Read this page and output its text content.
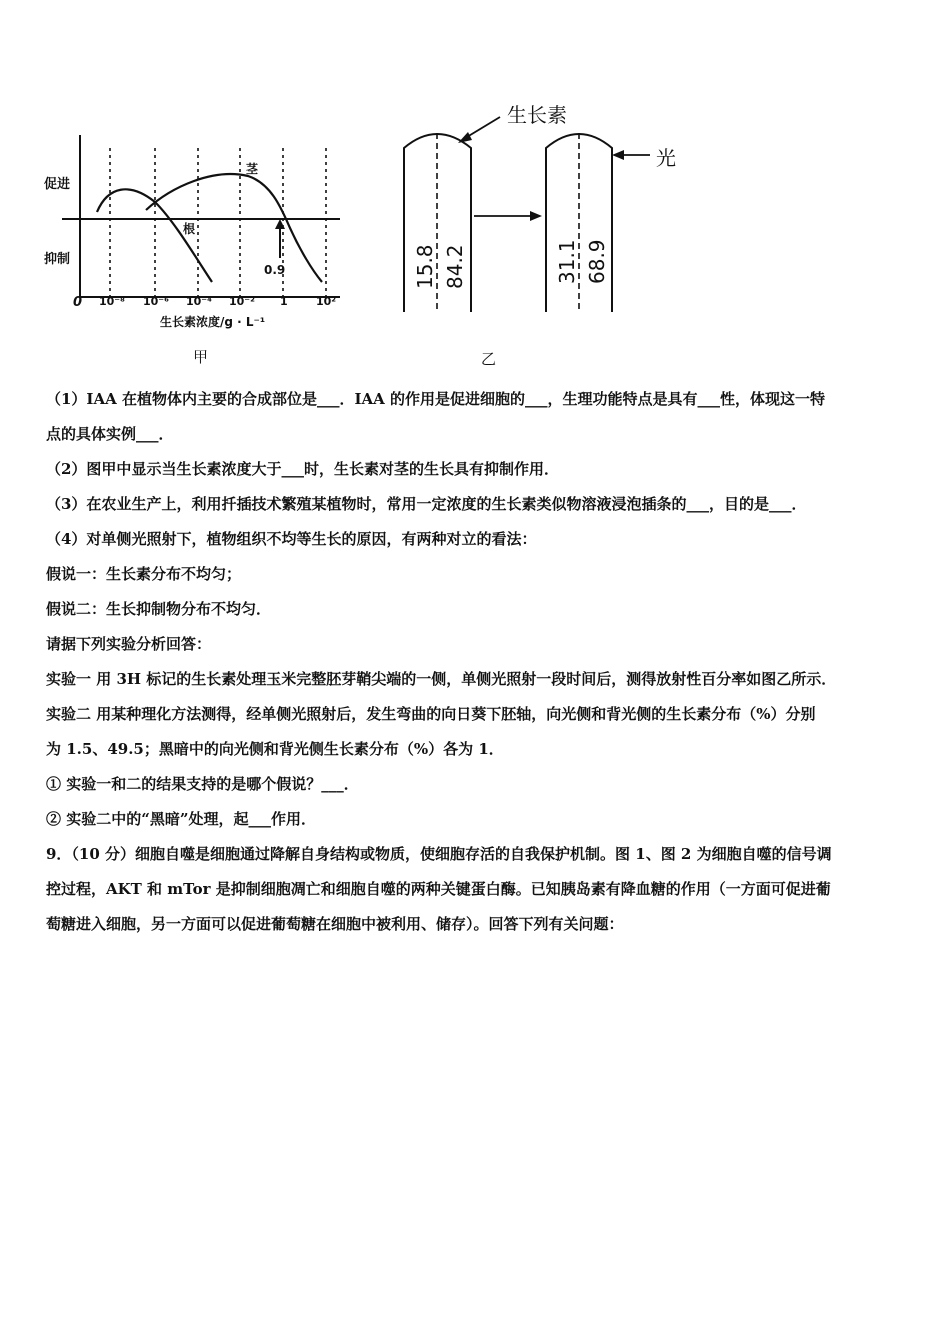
促进
抑制
0 10⁻⁸ 10⁻⁶ 10⁻⁴ 10⁻² 1	10²
生长素浓度/g · L⁻¹
茎
根
0.9
甲
生长素
光
15.8 84.2	31.1 68.9
乙

（1）IAA 在植物体内主要的合成部位是___．IAA 的作用是促进细胞的___，生理功能特点是具有___性，体现这一特

点的具体实例___．

（2）图甲中显示当生长素浓度大于___时，生长素对茎的生长具有抑制作用．

（3）在农业生产上，利用扦插技术繁殖某植物时，常用一定浓度的生长素类似物溶液浸泡插条的___，目的是___．

（4）对单侧光照射下，植物组织不均等生长的原因，有两种对立的看法：

假说一：生长素分布不均匀；

假说二：生长抑制物分布不均匀．

请据下列实验分析回答：

实验一 用 3H 标记的生长素处理玉米完整胚芽鞘尖端的一侧，单侧光照射一段时间后，测得放射性百分率如图乙所示．

实验二 用某种理化方法测得，经单侧光照射后，发生弯曲的向日葵下胚轴，向光侧和背光侧的生长素分布（%）分别

为 1.5、49.5；黑暗中的向光侧和背光侧生长素分布（%）各为 1．

① 实验一和二的结果支持的是哪个假说？___．

② 实验二中的“黑暗”处理，起___作用．

9．（10 分）细胞自噬是细胞通过降解自身结构或物质，使细胞存活的自我保护机制。图 1、图 2 为细胞自噬的信号调

控过程，AKT 和 mTor 是抑制细胞凋亡和细胞自噬的两种关键蛋白酶。已知胰岛素有降血糖的作用（一方面可促进葡

萄糖进入细胞，另一方面可以促进葡萄糖在细胞中被利用、储存）。回答下列有关问题：
